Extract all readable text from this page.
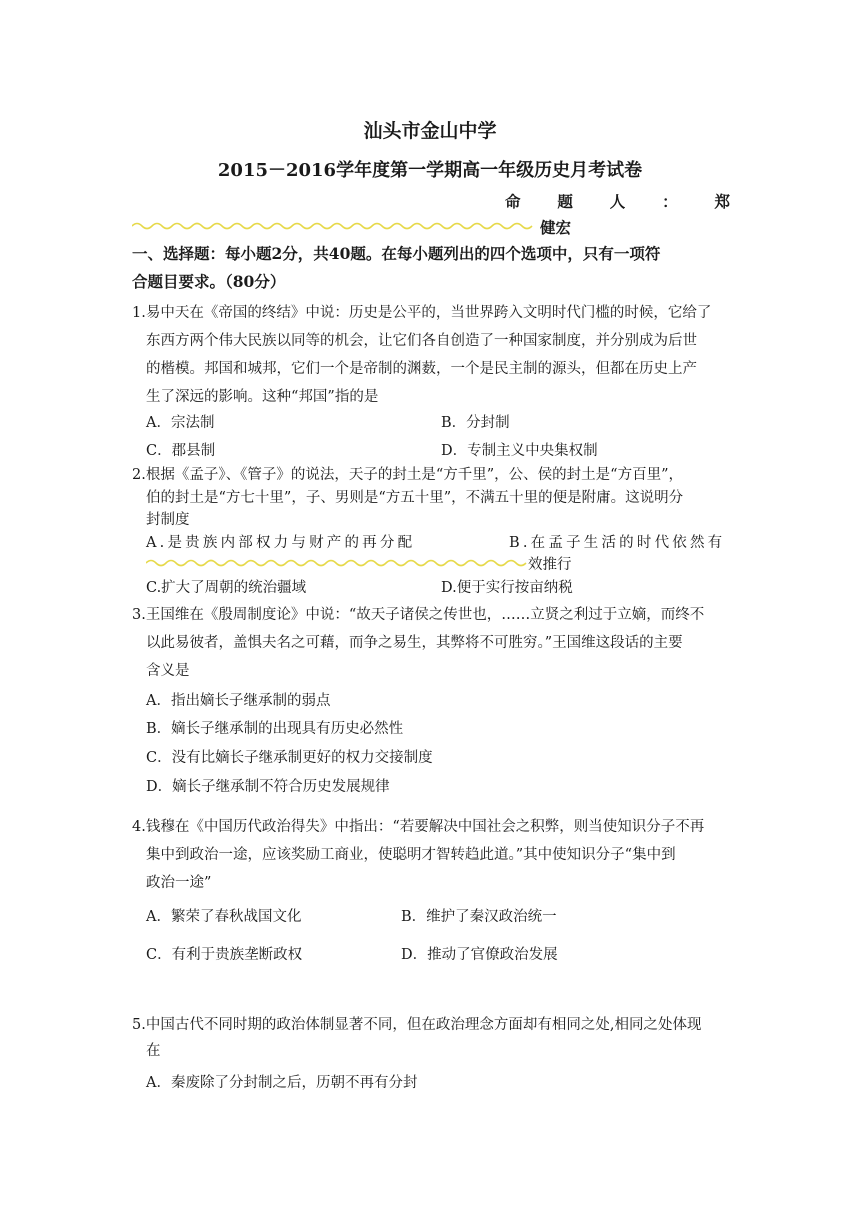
汕头市金山中学
2015－2016学年度第一学期高一年级历史月考试卷
命 题 人 ： 郑
健宏
一、选择题：每小题2分，共40题。在每小题列出的四个选项中，只有一项符
合题目要求。（80分）
1.易中天在《帝国的终结》中说：历史是公平的，当世界跨入文明时代门槛的时候，它给了
东西方两个伟大民族以同等的机会，让它们各自创造了一种国家制度，并分别成为后世
的楷模。邦国和城邦，它们一个是帝制的渊薮，一个是民主制的源头，但都在历史上产
生了深远的影响。这种“邦国”指的是
A．宗法制	B．分封制
C．郡县制	D．专制主义中央集权制
2.根据《孟子》、《管子》的说法，天子的封土是“方千里”，公、侯的封土是“方百里”，
伯的封土是“方七十里”，子、男则是“方五十里”，不满五十里的便是附庸。这说明分
封制度
A.是贵族内部权力与财产的再分配	B.在孟子生活的时代依然有
效推行
C.扩大了周朝的统治疆域	D.便于实行按亩纳税
3.王国维在《殷周制度论》中说：“故天子诸侯之传世也，……立贤之利过于立嫡，而终不
以此易彼者，盖惧夫名之可藉，而争之易生，其弊将不可胜穷。”王国维这段话的主要
含义是
A．指出嫡长子继承制的弱点
B．嫡长子继承制的出现具有历史必然性
C．没有比嫡长子继承制更好的权力交接制度
D．嫡长子继承制不符合历史发展规律
4.钱穆在《中国历代政治得失》中指出：“若要解决中国社会之积弊，则当使知识分子不再
集中到政治一途，应该奖励工商业，使聪明才智转趋此道。”其中使知识分子“集中到
政治一途”
A．繁荣了春秋战国文化	B．维护了秦汉政治统一
C．有利于贵族垄断政权	D．推动了官僚政治发展
5.中国古代不同时期的政治体制显著不同，但在政治理念方面却有相同之处,相同之处体现
在
A．秦废除了分封制之后，历朝不再有分封
